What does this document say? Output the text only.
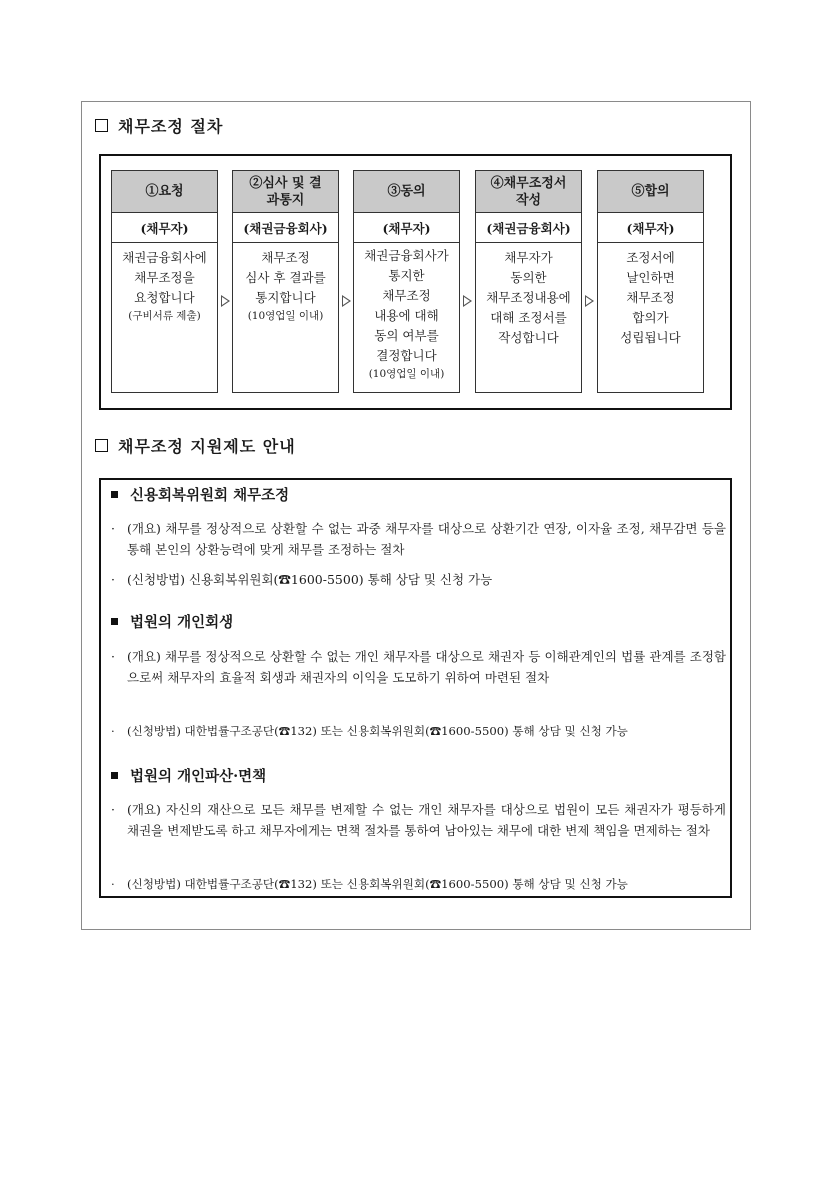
채무조정 절차
①요청
(채무자)
채권금융회사에
채무조정을
요청합니다
(구비서류 제출)
②심사 및 결과통지
(채권금융회사)
채무조정
심사 후 결과를
통지합니다
(10영업일 이내)
③동의
(채무자)
채권금융회사가
통지한
채무조정
내용에 대해
동의 여부를
결정합니다
(10영업일 이내)
④채무조정서 작성
(채권금융회사)
채무자가
동의한
채무조정내용에
대해 조정서를
작성합니다
⑤합의
(채무자)
조정서에
날인하면
채무조정
합의가
성립됩니다
채무조정 지원제도 안내
신용회복위원회 채무조정
· (개요) 채무를 정상적으로 상환할 수 없는 과중 채무자를 대상으로 상환기간 연장, 이자율 조정, 채무감면 등을 통해 본인의 상환능력에 맞게 채무를 조정하는 절차
· (신청방법) 신용회복위원회(☎1600-5500) 통해 상담 및 신청 가능
법원의 개인회생
· (개요) 채무를 정상적으로 상환할 수 없는 개인 채무자를 대상으로 채권자 등 이해관계인의 법률 관계를 조정함으로써 채무자의 효율적 회생과 채권자의 이익을 도모하기 위하여 마련된 절차
· (신청방법) 대한법률구조공단(☎132) 또는 신용회복위원회(☎1600-5500) 통해 상담 및 신청 가능
법원의 개인파산·면책
· (개요) 자신의 재산으로 모든 채무를 변제할 수 없는 개인 채무자를 대상으로 법원이 모든 채권자가 평등하게 채권을 변제받도록 하고 채무자에게는 면책 절차를 통하여 남아있는 채무에 대한 변제 책임을 면제하는 절차
· (신청방법) 대한법률구조공단(☎132) 또는 신용회복위원회(☎1600-5500) 통해 상담 및 신청 가능
